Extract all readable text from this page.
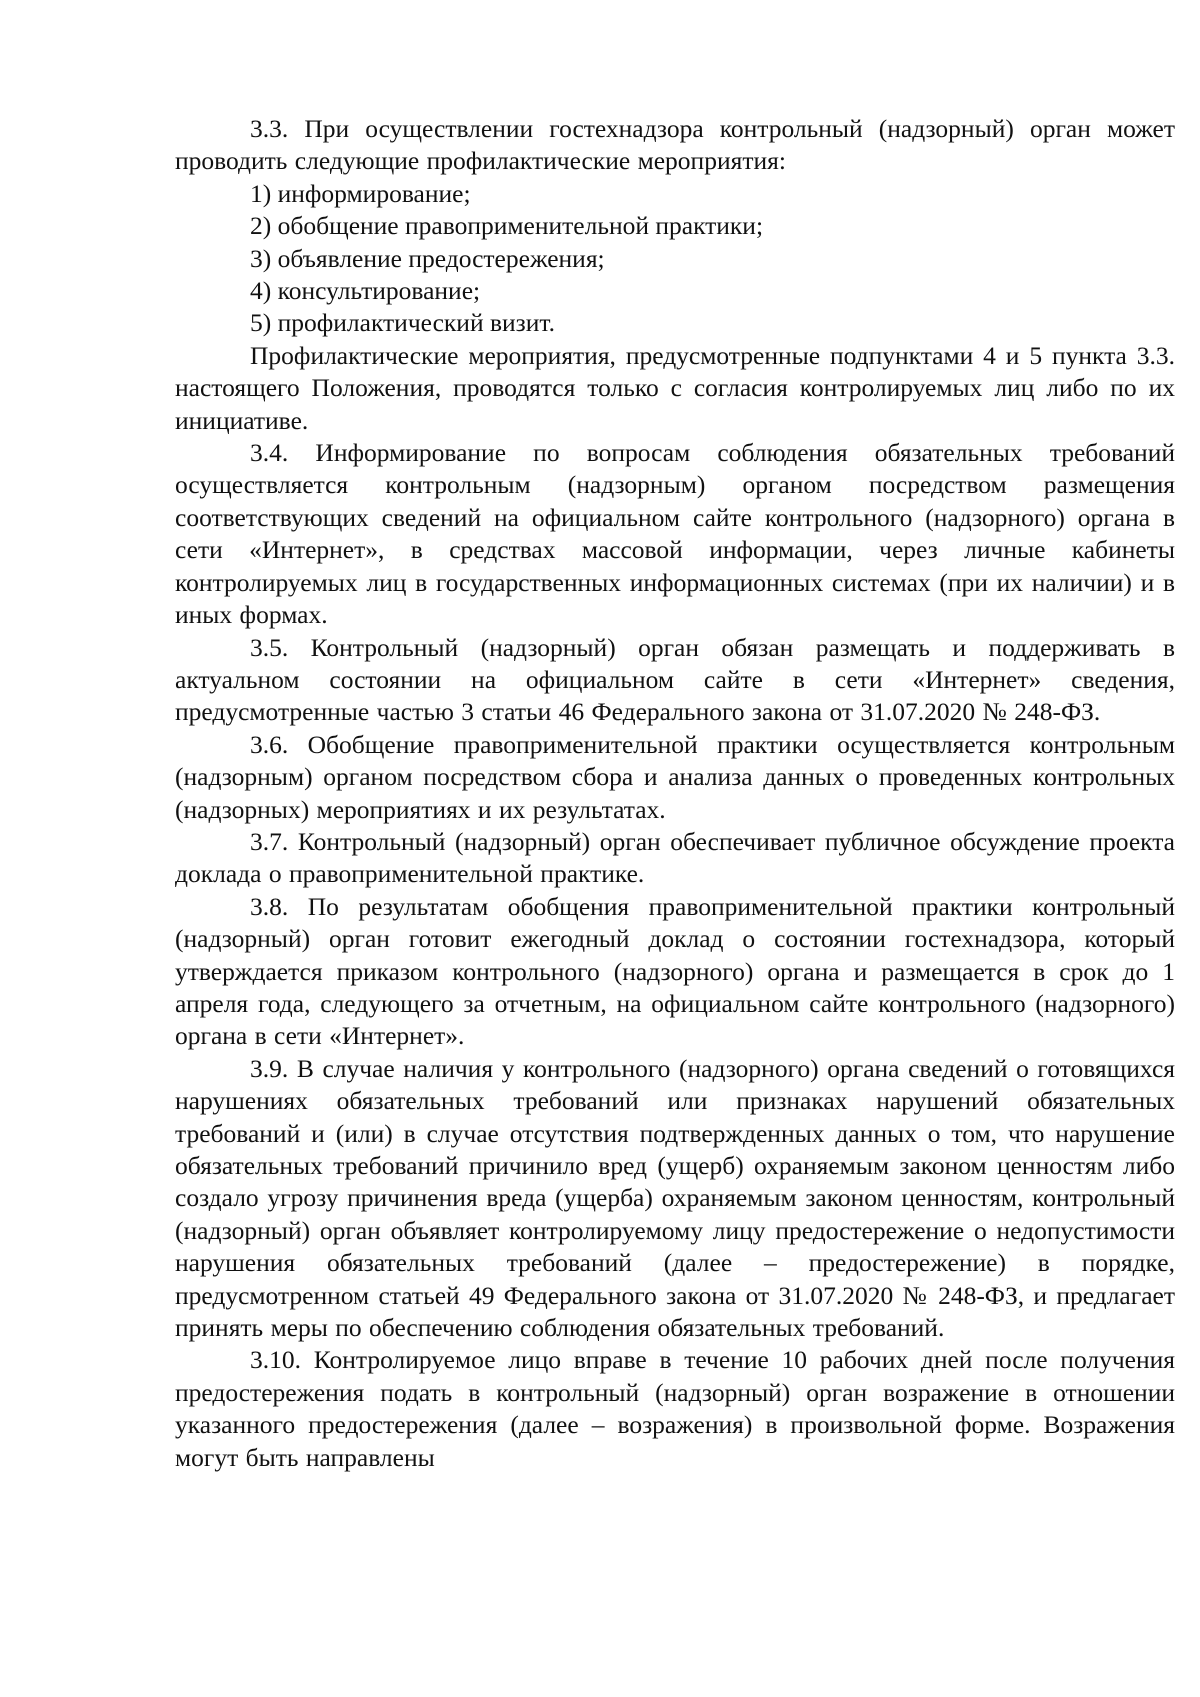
3.3. При осуществлении гостехнадзора контрольный (надзорный) орган может проводить следующие профилактические мероприятия:

1) информирование;

2) обобщение правоприменительной практики;

3) объявление предостережения;

4) консультирование;

5) профилактический визит.

Профилактические мероприятия, предусмотренные подпунктами 4 и 5 пункта 3.3. настоящего Положения, проводятся только с согласия контролируемых лиц либо по их инициативе.

3.4. Информирование по вопросам соблюдения обязательных требований осуществляется контрольным (надзорным) органом посредством размещения соответствующих сведений на официальном сайте контрольного (надзорного) органа в сети «Интернет», в средствах массовой информации, через личные кабинеты контролируемых лиц в государственных информационных системах (при их наличии) и в иных формах.

3.5. Контрольный (надзорный) орган обязан размещать и поддерживать в актуальном состоянии на официальном сайте в сети «Интернет» сведения, предусмотренные частью 3 статьи 46 Федерального закона от 31.07.2020 № 248-ФЗ.

3.6. Обобщение правоприменительной практики осуществляется контрольным (надзорным) органом посредством сбора и анализа данных о проведенных контрольных (надзорных) мероприятиях и их результатах.

3.7. Контрольный (надзорный) орган обеспечивает публичное обсуждение проекта доклада о правоприменительной практике.

3.8. По результатам обобщения правоприменительной практики контрольный (надзорный) орган готовит ежегодный доклад о состоянии гостехнадзора, который утверждается приказом контрольного (надзорного) органа и размещается в срок до 1 апреля года, следующего за отчетным, на официальном сайте контрольного (надзорного) органа в сети «Интернет».

3.9. В случае наличия у контрольного (надзорного) органа сведений о готовящихся нарушениях обязательных требований или признаках нарушений обязательных требований и (или) в случае отсутствия подтвержденных данных о том, что нарушение обязательных требований причинило вред (ущерб) охраняемым законом ценностям либо создало угрозу причинения вреда (ущерба) охраняемым законом ценностям, контрольный (надзорный) орган объявляет контролируемому лицу предостережение о недопустимости нарушения обязательных требований (далее – предостережение) в порядке, предусмотренном статьей 49 Федерального закона от 31.07.2020 № 248-ФЗ, и предлагает принять меры по обеспечению соблюдения обязательных требований.

3.10. Контролируемое лицо вправе в течение 10 рабочих дней после получения предостережения подать в контрольный (надзорный) орган возражение в отношении указанного предостережения (далее – возражения) в произвольной форме. Возражения могут быть направлены
